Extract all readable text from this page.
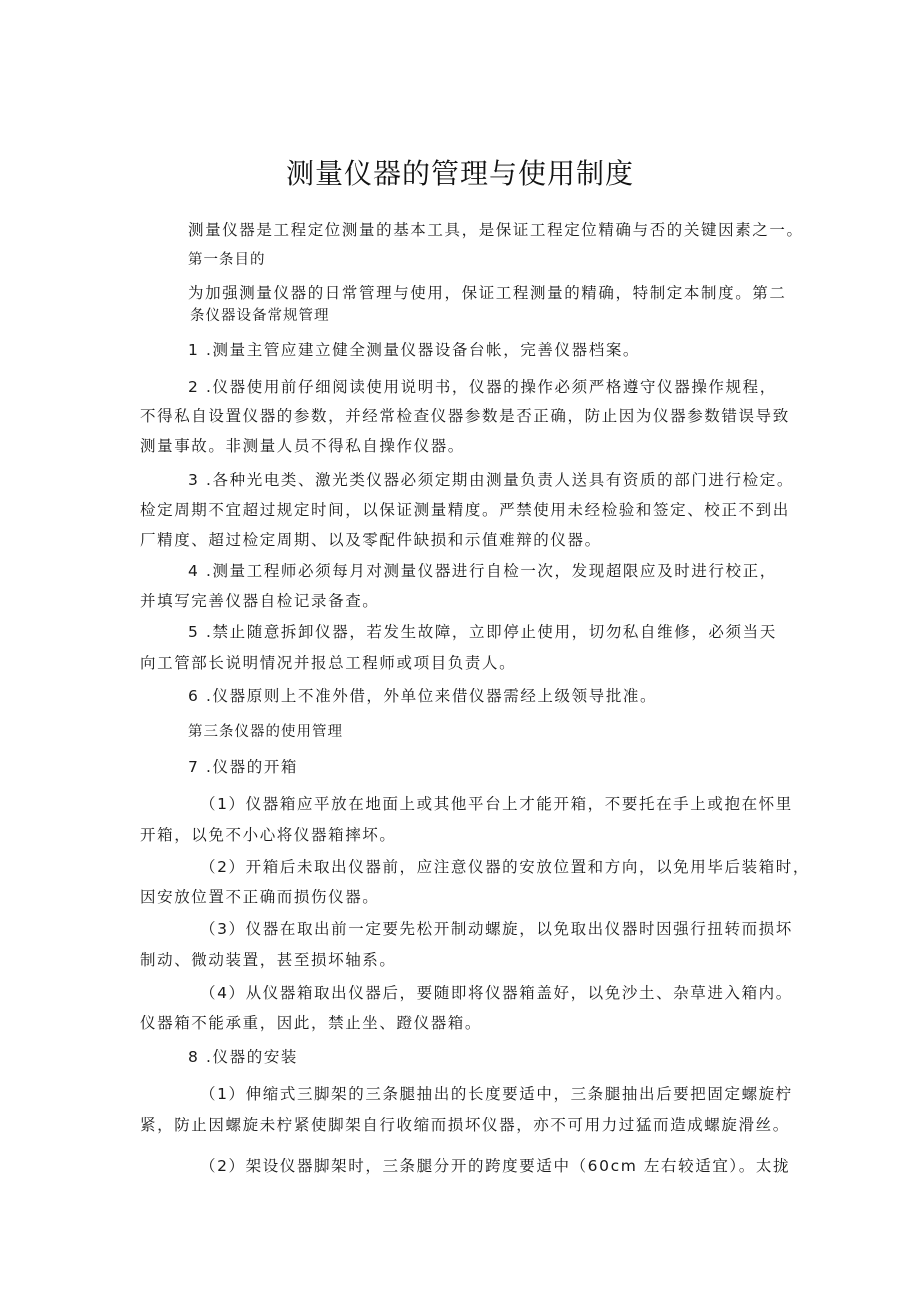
测量仪器的管理与使用制度
测量仪器是工程定位测量的基本工具，是保证工程定位精确与否的关键因素之一。
第一条目的
为加强测量仪器的日常管理与使用，保证工程测量的精确，特制定本制度。第二
条仪器设备常规管理
1 .测量主管应建立健全测量仪器设备台帐，完善仪器档案。
2 .仪器使用前仔细阅读使用说明书，仪器的操作必须严格遵守仪器操作规程，
不得私自设置仪器的参数，并经常检查仪器参数是否正确，防止因为仪器参数错误导致
测量事故。非测量人员不得私自操作仪器。
3 .各种光电类、激光类仪器必须定期由测量负责人送具有资质的部门进行检定。
检定周期不宜超过规定时间，以保证测量精度。严禁使用未经检验和签定、校正不到出
厂精度、超过检定周期、以及零配件缺损和示值难辩的仪器。
4 .测量工程师必须每月对测量仪器进行自检一次，发现超限应及时进行校正，
并填写完善仪器自检记录备查。
5 .禁止随意拆卸仪器，若发生故障，立即停止使用，切勿私自维修，必须当天
向工管部长说明情况并报总工程师或项目负责人。
6 .仪器原则上不准外借，外单位来借仪器需经上级领导批准。
第三条仪器的使用管理
7 .仪器的开箱
（1）仪器箱应平放在地面上或其他平台上才能开箱，不要托在手上或抱在怀里
开箱，以免不小心将仪器箱摔坏。
（2）开箱后未取出仪器前，应注意仪器的安放位置和方向，以免用毕后装箱时，
因安放位置不正确而损伤仪器。
（3）仪器在取出前一定要先松开制动螺旋，以免取出仪器时因强行扭转而损坏
制动、微动装置，甚至损坏轴系。
（4）从仪器箱取出仪器后，要随即将仪器箱盖好，以免沙土、杂草进入箱内。
仪器箱不能承重，因此，禁止坐、蹬仪器箱。
8 .仪器的安装
（1）伸缩式三脚架的三条腿抽出的长度要适中，三条腿抽出后要把固定螺旋柠
紧，防止因螺旋未柠紧使脚架自行收缩而损坏仪器，亦不可用力过猛而造成螺旋滑丝。
（2）架设仪器脚架时，三条腿分开的跨度要适中（60cm 左右较适宜）。太拢
